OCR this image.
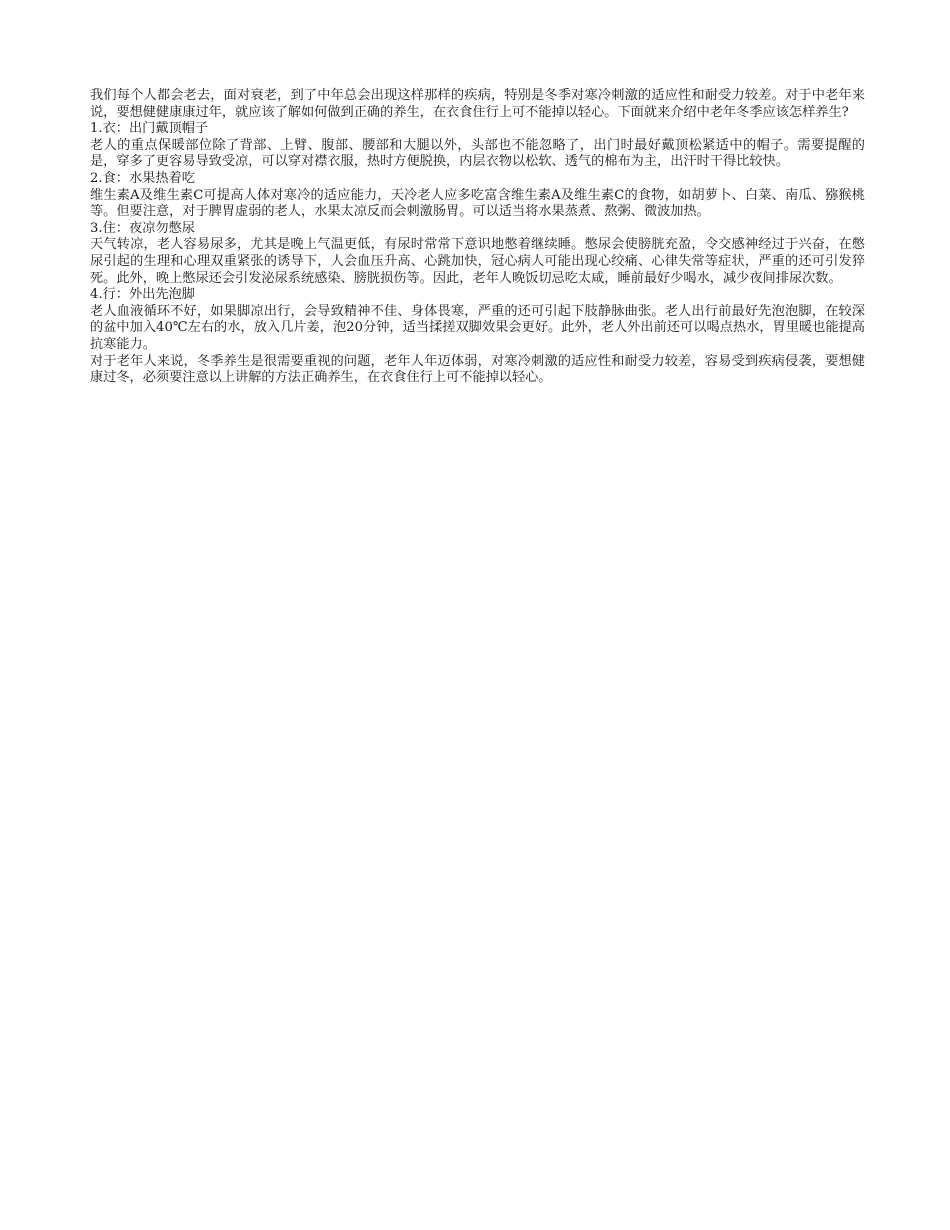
我们每个人都会老去，面对衰老，到了中年总会出现这样那样的疾病，特别是冬季对寒冷刺激的适应性和耐受力较差。对于中老年来说，要想健健康康过年，就应该了解如何做到正确的养生，在衣食住行上可不能掉以轻心。下面就来介绍中老年冬季应该怎样养生?

1.衣：出门戴顶帽子

老人的重点保暖部位除了背部、上臂、腹部、腰部和大腿以外，头部也不能忽略了，出门时最好戴顶松紧适中的帽子。需要提醒的是，穿多了更容易导致受凉，可以穿对襟衣服，热时方便脱换，内层衣物以松软、透气的棉布为主，出汗时干得比较快。

2.食：水果热着吃

维生素A及维生素C可提高人体对寒冷的适应能力，天冷老人应多吃富含维生素A及维生素C的食物，如胡萝卜、白菜、南瓜、猕猴桃等。但要注意，对于脾胃虚弱的老人，水果太凉反而会刺激肠胃。可以适当将水果蒸煮、熬粥、微波加热。

3.住：夜凉勿憋尿

天气转凉，老人容易尿多，尤其是晚上气温更低，有尿时常常下意识地憋着继续睡。憋尿会使膀胱充盈，令交感神经过于兴奋，在憋尿引起的生理和心理双重紧张的诱导下，人会血压升高、心跳加快，冠心病人可能出现心绞痛、心律失常等症状，严重的还可引发猝死。此外，晚上憋尿还会引发泌尿系统感染、膀胱损伤等。因此，老年人晚饭切忌吃太咸，睡前最好少喝水，减少夜间排尿次数。

4.行：外出先泡脚

老人血液循环不好，如果脚凉出行，会导致精神不佳、身体畏寒，严重的还可引起下肢静脉曲张。老人出行前最好先泡泡脚，在较深的盆中加入40℃左右的水，放入几片姜，泡20分钟，适当揉搓双脚效果会更好。此外，老人外出前还可以喝点热水，胃里暖也能提高抗寒能力。

对于老年人来说，冬季养生是很需要重视的问题，老年人年迈体弱，对寒冷刺激的适应性和耐受力较差，容易受到疾病侵袭，要想健康过冬，必须要注意以上讲解的方法正确养生，在衣食住行上可不能掉以轻心。
